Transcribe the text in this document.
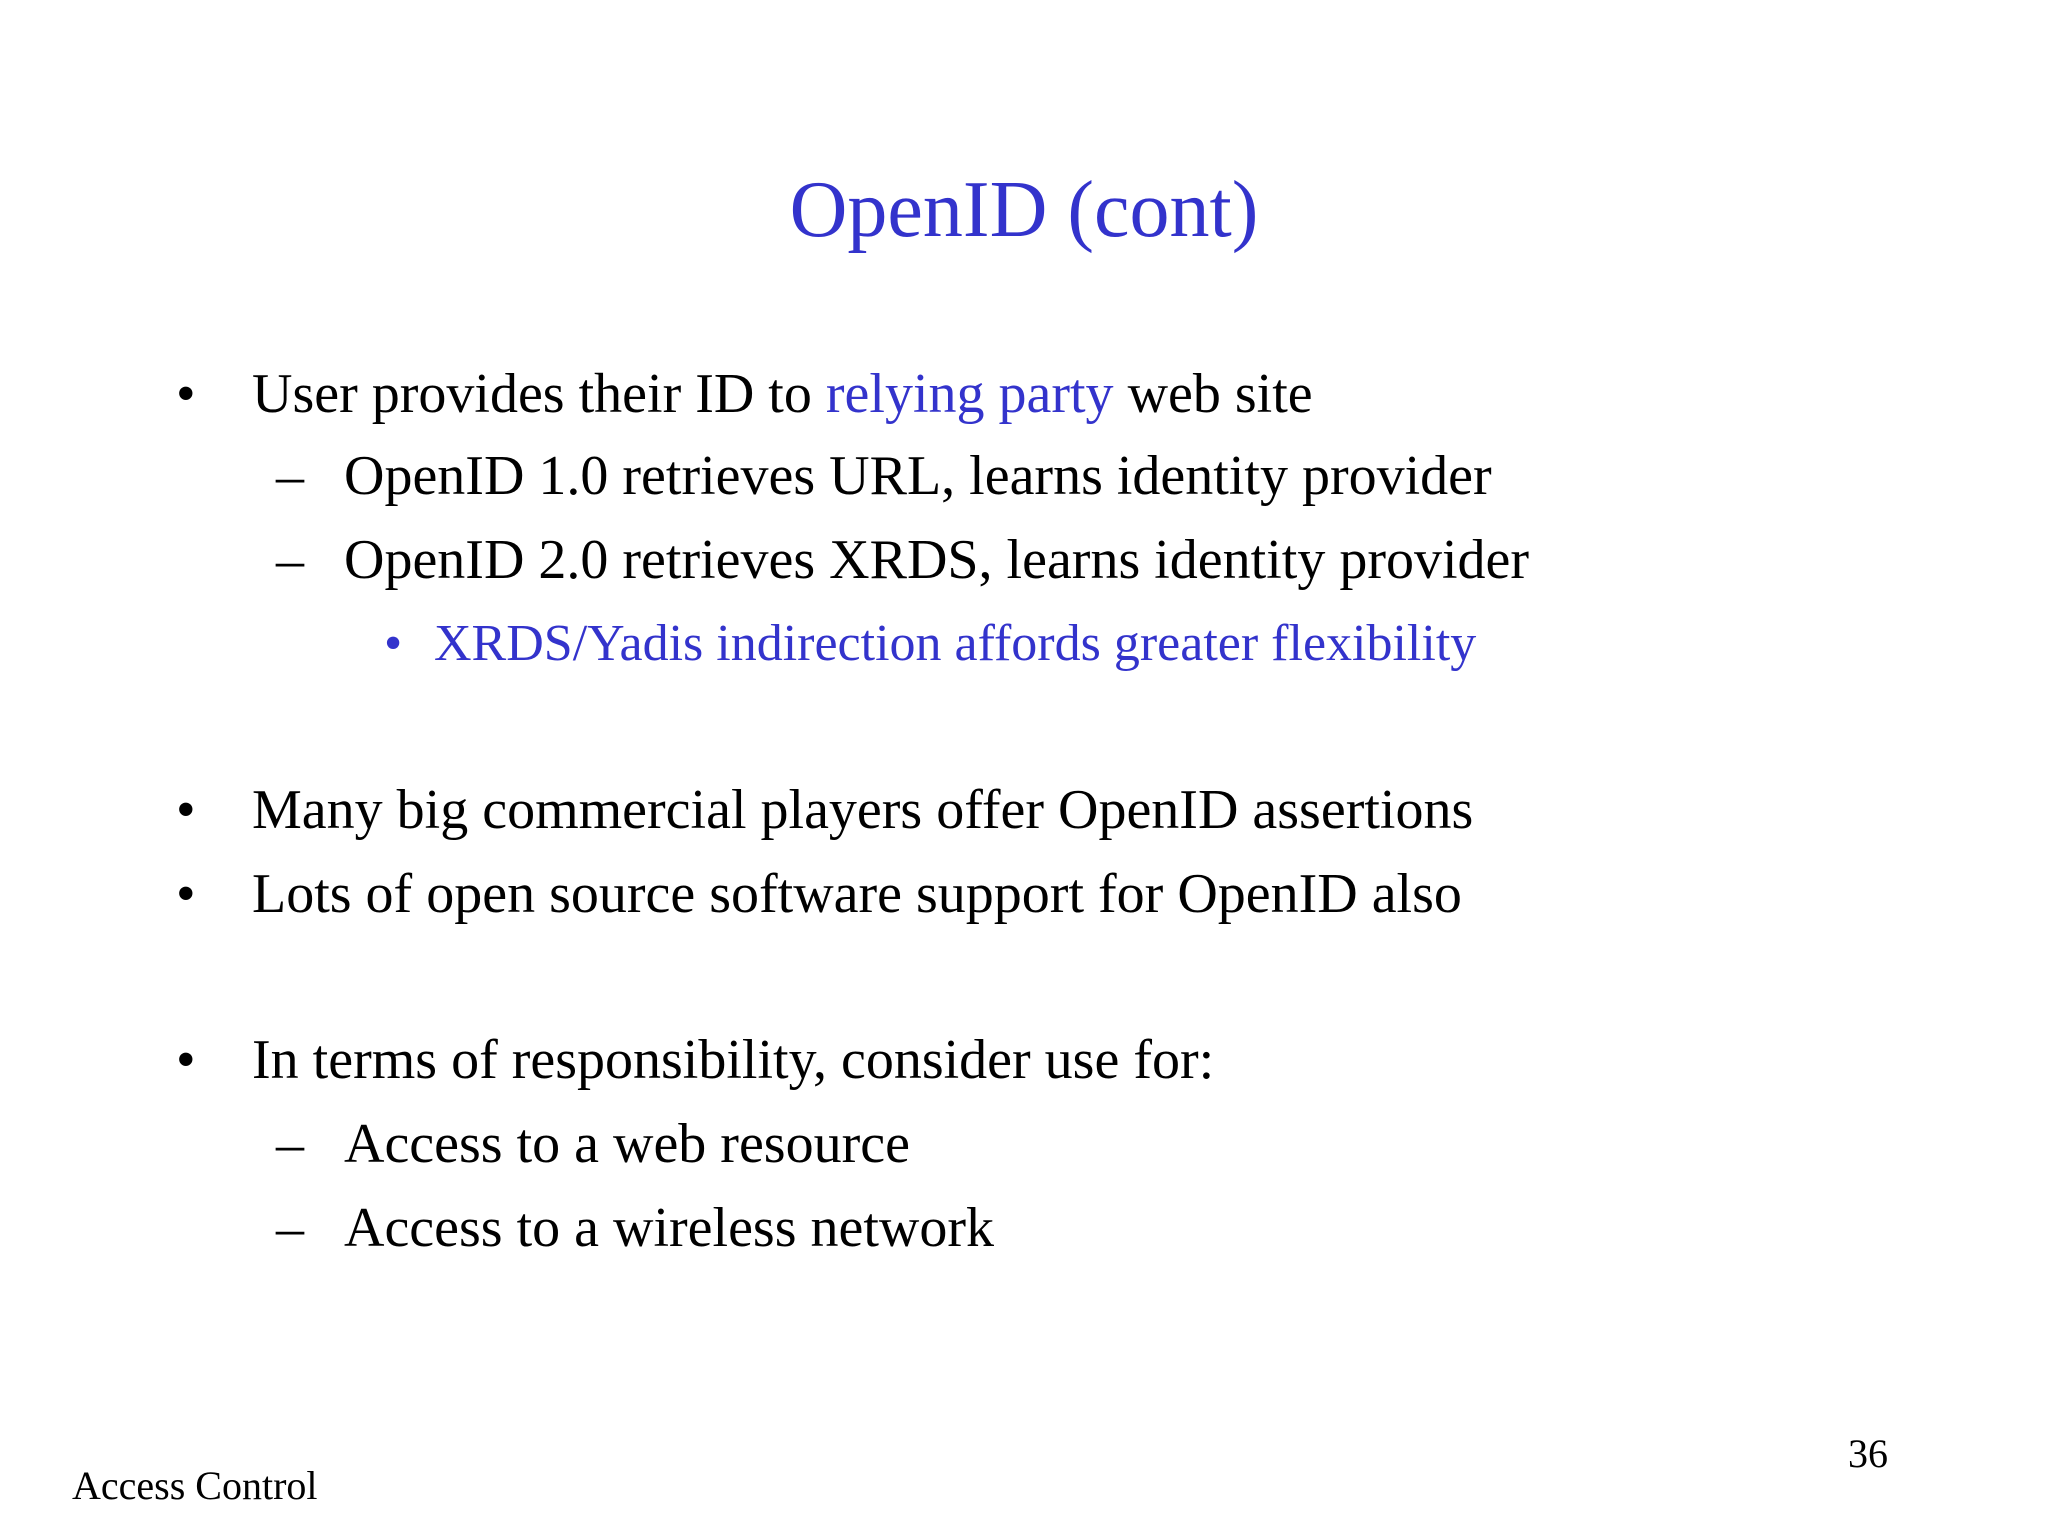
OpenID (cont)
• User provides their ID to relying party web site
– OpenID 1.0 retrieves URL, learns identity provider
– OpenID 2.0 retrieves XRDS, learns identity provider
• XRDS/Yadis indirection affords greater flexibility
• Many big commercial players offer OpenID assertions
• Lots of open source software support for OpenID also
• In terms of responsibility, consider use for:
– Access to a web resource
– Access to a wireless network
Access Control
36
